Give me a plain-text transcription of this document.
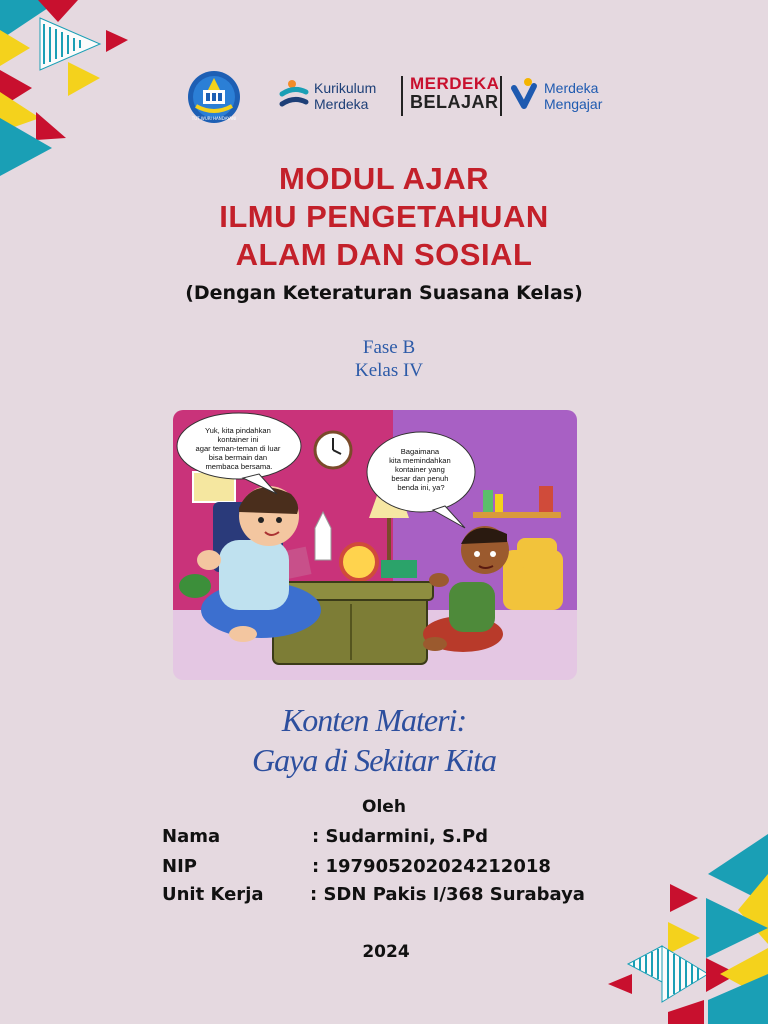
TUT WURI HANDAYANI
Kurikulum
Merdeka
MERDEKA
BELAJAR
Merdeka
Mengajar
MODUL AJAR
ILMU PENGETAHUAN
ALAM DAN SOSIAL
(Dengan Keteraturan Suasana Kelas)
Fase B
Kelas IV
Yuk, kita pindahkan kontainer ini agar teman-teman di luar bisa bermain dan membaca bersama.
Bagaimana kita memindahkan kontainer yang besar dan penuh benda ini, ya?
Konten Materi:
Gaya di Sekitar Kita
Oleh
Nama	: Sudarmini, S.Pd
NIP	: 197905202024212018
Unit Kerja	: SDN Pakis I/368 Surabaya
2024
